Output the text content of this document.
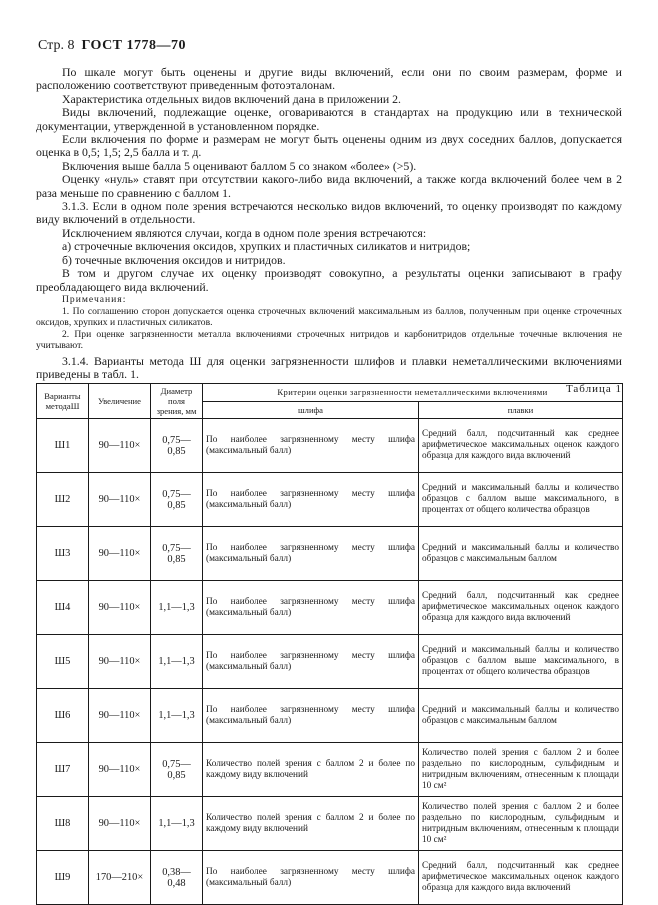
Стр. 8 ГОСТ 1778—70

По шкале могут быть оценены и другие виды включений, если они по своим размерам, форме и расположению соответствуют приведенным фотоэталонам.

Характеристика отдельных видов включений дана в приложении 2.

Виды включений, подлежащие оценке, оговариваются в стандартах на продукцию или в технической документации, утвержденной в установленном порядке.

Если включения по форме и размерам не могут быть оценены одним из двух соседних баллов, допускается оценка в 0,5; 1,5; 2,5 балла и т. д.

Включения выше балла 5 оценивают баллом 5 со знаком «более» (>5).

Оценку «нуль» ставят при отсутствии какого-либо вида включений, а также когда включений более чем в 2 раза меньше по сравнению с баллом 1.

3.1.3. Если в одном поле зрения встречаются несколько видов включений, то оценку производят по каждому виду включений в отдельности.

Исключением являются случаи, когда в одном поле зрения встречаются:

а) строчечные включения оксидов, хрупких и пластичных силикатов и нитридов;

б) точечные включения оксидов и нитридов.

В том и другом случае их оценку производят совокупно, а результаты оценки записывают в графу преобладающего вида включений.

Примечания:

1. По соглашению сторон допускается оценка строчечных включений максимальным из баллов, полученным при оценке строчечных оксидов, хрупких и пластичных силикатов.

2. При оценке загрязненности металла включениями строчечных нитридов и карбонитридов отдельные точечные включения не учитывают.

3.1.4. Варианты метода Ш для оценки загрязненности шлифов и плавки неметаллическими включениями приведены в табл. 1.

Таблица 1
Варианты методаШ	Увеличение	Диаметр поля зрения, мм	Критерии оценки загрязненности неметаллическими включениями	
			шлифа	плавки
Ш1	90—110×	0,75—0,85	По наиболее загрязненному месту шлифа (максимальный балл)	Средний балл, подсчитанный как среднее арифметическое максимальных оценок каждого образца для каждого вида включений
Ш2	90—110×	0,75—0,85	По наиболее загрязненному месту шлифа (максимальный балл)	Средний и максимальный баллы и количество образцов с баллом выше максимального, в процентах от общего количества образцов
Ш3	90—110×	0,75—0,85	По наиболее загрязненному месту шлифа (максимальный балл)	Средний и максимальный баллы и количество образцов с максимальным баллом
Ш4	90—110×	1,1—1,3	По наиболее загрязненному месту шлифа (максимальный балл)	Средний балл, подсчитанный как среднее арифметическое максимальных оценок каждого образца для каждого вида включений
Ш5	90—110×	1,1—1,3	По наиболее загрязненному месту шлифа (максимальный балл)	Средний и максимальный баллы и количество образцов с баллом выше максимального, в процентах от общего количества образцов
Ш6	90—110×	1,1—1,3	По наиболее загрязненному месту шлифа (максимальный балл)	Средний и максимальный баллы и количество образцов с максимальным баллом
Ш7	90—110×	0,75—0,85	Количество полей зрения с баллом 2 и более по каждому виду включений	Количество полей зрения с баллом 2 и более раздельно по кислородным, сульфидным и нитридным включениям, отнесенным к площади 10 см²
Ш8	90—110×	1,1—1,3	Количество полей зрения с баллом 2 и более по каждому виду включений	Количество полей зрения с баллом 2 и более раздельно по кислородным, сульфидным и нитридным включениям, отнесенным к площади 10 см²
Ш9	170—210×	0,38—0,48	По наиболее загрязненному месту шлифа (максимальный балл)	Средний балл, подсчитанный как среднее арифметическое максимальных оценок каждого образца для каждого вида включений
